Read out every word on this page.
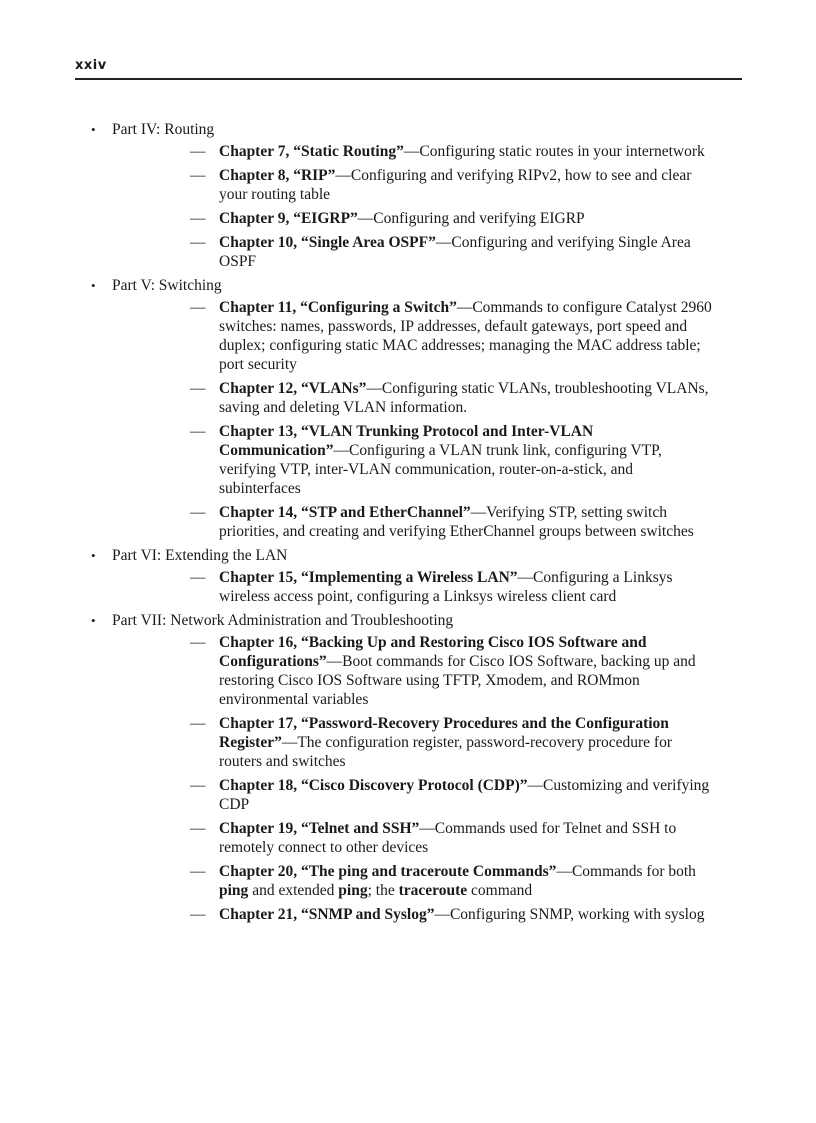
xxiv
• Part IV: Routing
— Chapter 7, “Static Routing”—Configuring static routes in your internetwork
— Chapter 8, “RIP”—Configuring and verifying RIPv2, how to see and clear your routing table
— Chapter 9, “EIGRP”—Configuring and verifying EIGRP
— Chapter 10, “Single Area OSPF”—Configuring and verifying Single Area OSPF
• Part V: Switching
— Chapter 11, “Configuring a Switch”—Commands to configure Catalyst 2960 switches: names, passwords, IP addresses, default gateways, port speed and duplex; configuring static MAC addresses; managing the MAC address table; port security
— Chapter 12, “VLANs”—Configuring static VLANs, troubleshooting VLANs, saving and deleting VLAN information.
— Chapter 13, “VLAN Trunking Protocol and Inter-VLAN Communication”—Configuring a VLAN trunk link, configuring VTP, verifying VTP, inter-VLAN communication, router-on-a-stick, and subinterfaces
— Chapter 14, “STP and EtherChannel”—Verifying STP, setting switch priorities, and creating and verifying EtherChannel groups between switches
• Part VI: Extending the LAN
— Chapter 15, “Implementing a Wireless LAN”—Configuring a Linksys wireless access point, configuring a Linksys wireless client card
• Part VII: Network Administration and Troubleshooting
— Chapter 16, “Backing Up and Restoring Cisco IOS Software and Configurations”—Boot commands for Cisco IOS Software, backing up and restoring Cisco IOS Software using TFTP, Xmodem, and ROMmon environmental variables
— Chapter 17, “Password-Recovery Procedures and the Configuration Register”—The configuration register, password-recovery procedure for routers and switches
— Chapter 18, “Cisco Discovery Protocol (CDP)”—Customizing and verifying CDP
— Chapter 19, “Telnet and SSH”—Commands used for Telnet and SSH to remotely connect to other devices
— Chapter 20, “The ping and traceroute Commands”—Commands for both ping and extended ping; the traceroute command
— Chapter 21, “SNMP and Syslog”—Configuring SNMP, working with syslog
